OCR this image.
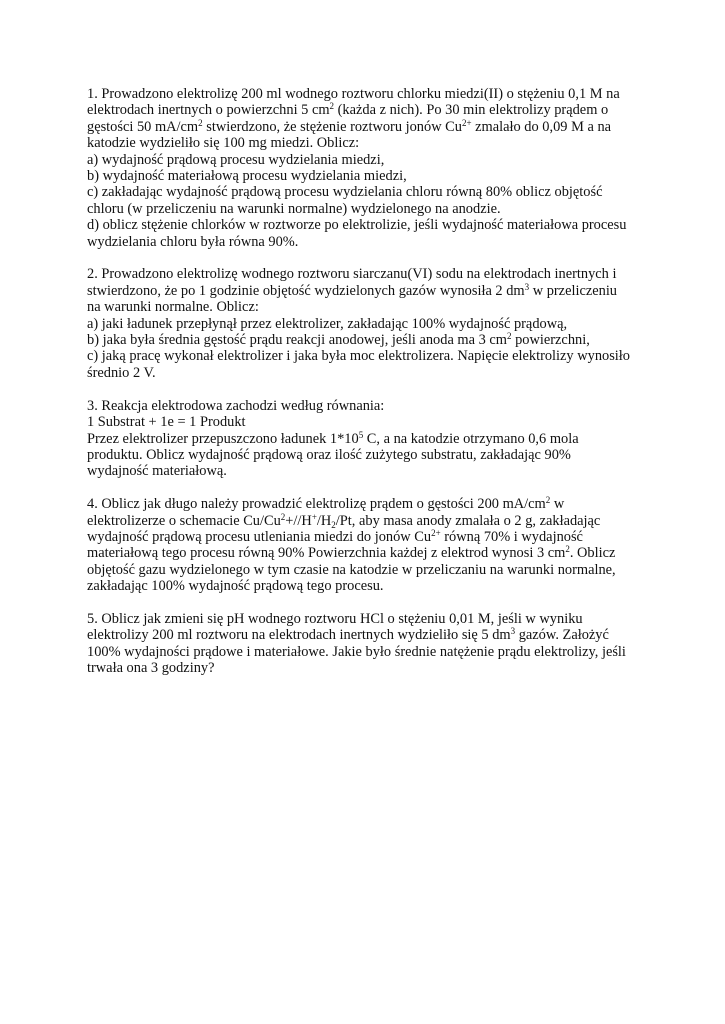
1. Prowadzono elektrolizę 200 ml wodnego roztworu chlorku miedzi(II) o stężeniu 0,1 M na

elektrodach inertnych o powierzchni 5 $cm^2$ (każda z nich). Po 30 min elektrolizy prądem o

gęstości 50 $mA/cm^2$ stwierdzono, że stężenie roztworu jonów $Cu^{2+}$ zmalało do 0,09 M a na

katodzie wydzieliło się 100 mg miedzi. Oblicz:

a) wydajność prądową procesu wydzielania miedzi,

b) wydajność materiałową procesu wydzielania miedzi,

c) zakładając wydajność prądową procesu wydzielania chloru równą 80% oblicz objętość

chloru (w przeliczeniu na warunki normalne) wydzielonego na anodzie.

d) oblicz stężenie chlorków w roztworze po elektrolizie, jeśli wydajność materiałowa procesu

wydzielania chloru była równa 90%.

2. Prowadzono elektrolizę wodnego roztworu siarczanu(VI) sodu na elektrodach inertnych i

stwierdzono, że po 1 godzinie objętość wydzielonych gazów wynosiła 2 $dm^3$ w przeliczeniu

na warunki normalne. Oblicz:

a) jaki ładunek przepłynął przez elektrolizer, zakładając 100% wydajność prądową,

b) jaka była średnia gęstość prądu reakcji anodowej, jeśli anoda ma 3 $cm^2$ powierzchni,

c) jaką pracę wykonał elektrolizer i jaka była moc elektrolizera. Napięcie elektrolizy wynosiło

średnio 2 V.

3. Reakcja elektrodowa zachodzi według równania:

1 Substrat + 1e = 1 Produkt

Przez elektrolizer przepuszczono ładunek $1*10^5$ C, a na katodzie otrzymano 0,6 mola

produktu. Oblicz wydajność prądową oraz ilość zużytego substratu, zakładając 90%

wydajność materiałową.

4. Oblicz jak długo należy prowadzić elektrolizę prądem o gęstości 200 $mA/cm^2$ w

elektrolizerze o schemacie $Cu/Cu^2+//H^+/H_2/Pt$, aby masa anody zmalała o 2 g, zakładając

wydajność prądową procesu utleniania miedzi do jonów $Cu^{2+}$ równą 70% i wydajność

materiałową tego procesu równą 90% Powierzchnia każdej z elektrod wynosi 3 $cm^2$. Oblicz

objętość gazu wydzielonego w tym czasie na katodzie w przeliczaniu na warunki normalne,

zakładając 100% wydajność prądową tego procesu.

5. Oblicz jak zmieni się pH wodnego roztworu HCl o stężeniu 0,01 M, jeśli w wyniku

elektrolizy 200 ml roztworu na elektrodach inertnych wydzieliło się 5 $dm^3$ gazów. Założyć

100% wydajności prądowe i materiałowe. Jakie było średnie natężenie prądu elektrolizy, jeśli

trwała ona 3 godziny?
